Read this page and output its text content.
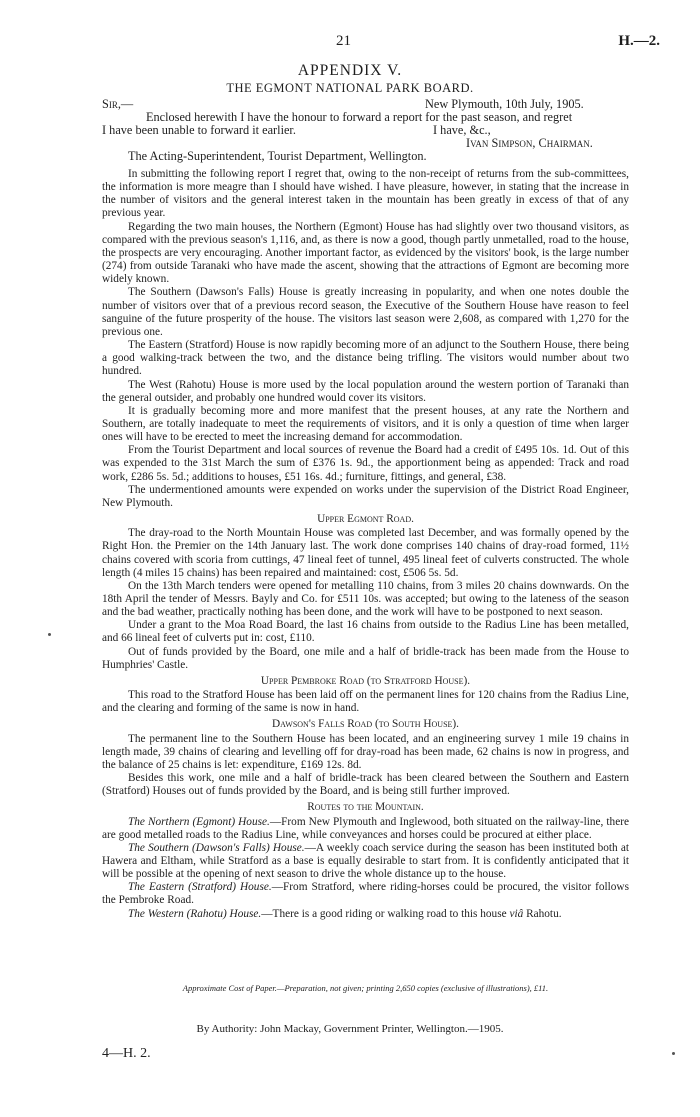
21	H.—2.
APPENDIX V.
THE EGMONT NATIONAL PARK BOARD.
Sir,—	New Plymouth, 10th July, 1905.
Enclosed herewith I have the honour to forward a report for the past season, and regret
I have been unable to forward it earlier.	I have, &c.,
Ivan Simpson, Chairman.
The Acting-Superintendent, Tourist Department, Wellington.

In submitting the following report I regret that, owing to the non-receipt of returns from the sub-committees, the information is more meagre than I should have wished. I have pleasure, however, in stating that the increase in the number of visitors and the general interest taken in the mountain has been greatly in excess of that of any previous year.

Regarding the two main houses, the Northern (Egmont) House has had slightly over two thousand visitors, as compared with the previous season's 1,116, and, as there is now a good, though partly unmetalled, road to the house, the prospects are very encouraging. Another important factor, as evidenced by the visitors' book, is the large number (274) from outside Taranaki who have made the ascent, showing that the attractions of Egmont are becoming more widely known.

The Southern (Dawson's Falls) House is greatly increasing in popularity, and when one notes double the number of visitors over that of a previous record season, the Executive of the Southern House have reason to feel sanguine of the future prosperity of the house. The visitors last season were 2,608, as compared with 1,270 for the previous one.

The Eastern (Stratford) House is now rapidly becoming more of an adjunct to the Southern House, there being a good walking-track between the two, and the distance being trifling. The visitors would number about two hundred.

The West (Rahotu) House is more used by the local population around the western portion of Taranaki than the general outsider, and probably one hundred would cover its visitors.

It is gradually becoming more and more manifest that the present houses, at any rate the Northern and Southern, are totally inadequate to meet the requirements of visitors, and it is only a question of time when larger ones will have to be erected to meet the increasing demand for accommodation.

From the Tourist Department and local sources of revenue the Board had a credit of £495 10s. 1d. Out of this was expended to the 31st March the sum of £376 1s. 9d., the apportionment being as appended: Track and road work, £286 5s. 5d.; additions to houses, £51 16s. 4d.; furniture, fittings, and general, £38.

The undermentioned amounts were expended on works under the supervision of the District Road Engineer, New Plymouth.

Upper Egmont Road.

The dray-road to the North Mountain House was completed last December, and was formally opened by the Right Hon. the Premier on the 14th January last. The work done comprises 140 chains of dray-road formed, 11½ chains covered with scoria from cuttings, 47 lineal feet of tunnel, 495 lineal feet of culverts constructed. The whole length (4 miles 15 chains) has been repaired and maintained: cost, £506 5s. 5d.

On the 13th March tenders were opened for metalling 110 chains, from 3 miles 20 chains downwards. On the 18th April the tender of Messrs. Bayly and Co. for £511 10s. was accepted; but owing to the lateness of the season and the bad weather, practically nothing has been done, and the work will have to be postponed to next season.

Under a grant to the Moa Road Board, the last 16 chains from outside to the Radius Line has been metalled, and 66 lineal feet of culverts put in: cost, £110.

Out of funds provided by the Board, one mile and a half of bridle-track has been made from the House to Humphries' Castle.

Upper Pembroke Road (to Stratford House).

This road to the Stratford House has been laid off on the permanent lines for 120 chains from the Radius Line, and the clearing and forming of the same is now in hand.

Dawson's Falls Road (to South House).

The permanent line to the Southern House has been located, and an engineering survey 1 mile 19 chains in length made, 39 chains of clearing and levelling off for dray-road has been made, 62 chains is now in progress, and the balance of 25 chains is let: expenditure, £169 12s. 8d.

Besides this work, one mile and a half of bridle-track has been cleared between the Southern and Eastern (Stratford) Houses out of funds provided by the Board, and is being still further improved.

Routes to the Mountain.

The Northern (Egmont) House.—From New Plymouth and Inglewood, both situated on the railway-line, there are good metalled roads to the Radius Line, while conveyances and horses could be procured at either place.

The Southern (Dawson's Falls) House.—A weekly coach service during the season has been instituted both at Hawera and Eltham, while Stratford as a base is equally desirable to start from. It is confidently anticipated that it will be possible at the opening of next season to drive the whole distance up to the house.

The Eastern (Stratford) House.—From Stratford, where riding-horses could be procured, the visitor follows the Pembroke Road.

The Western (Rahotu) House.—There is a good riding or walking road to this house viâ Rahotu.

Approximate Cost of Paper.—Preparation, not given; printing 2,650 copies (exclusive of illustrations), £11.
By Authority: John Mackay, Government Printer, Wellington.—1905.
4—H. 2.
